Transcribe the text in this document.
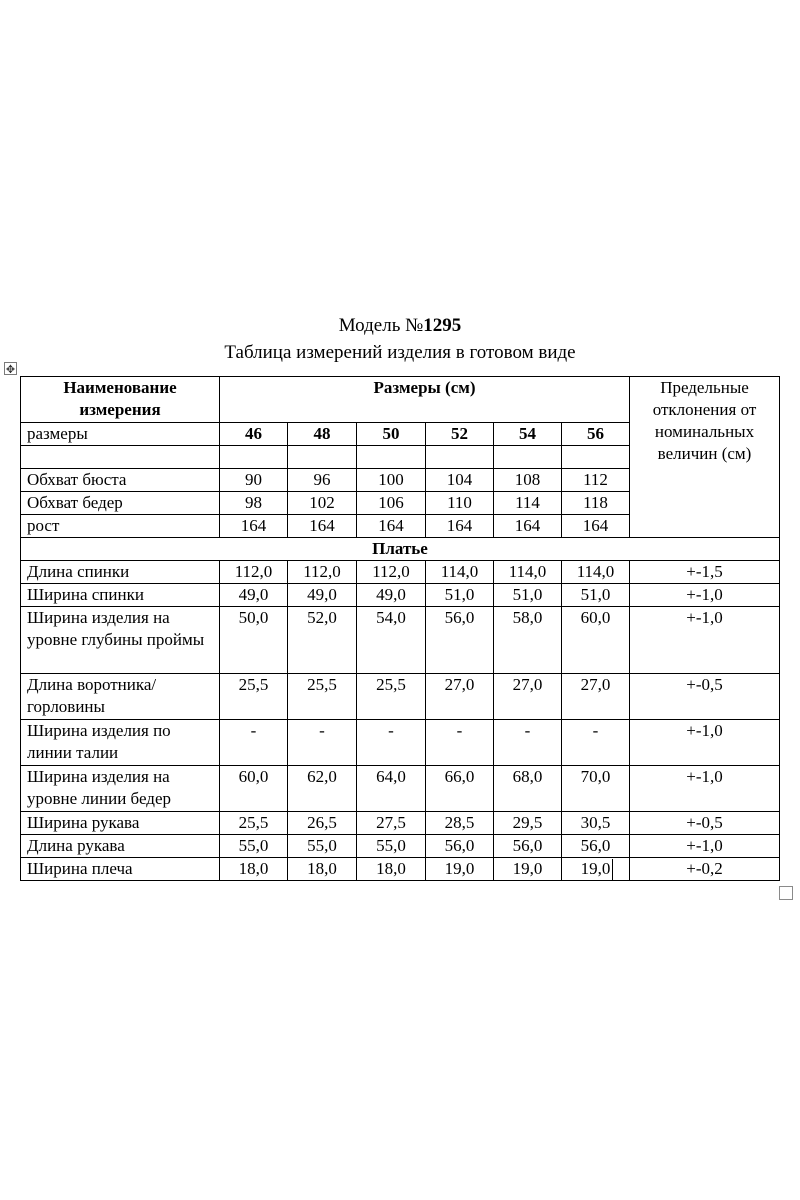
Модель №1295
Таблица измерений изделия в готовом виде
✥
Наименование измерения	Размеры (см)						Предельные отклонения от номинальных величин (см)
размеры	46	48	50	52	54	56	

Обхват бюста	90	96	100	104	108	112	
Обхват бедер	98	102	106	110	114	118	
рост	164	164	164	164	164	164	
Платье							
Длина спинки	112,0	112,0	112,0	114,0	114,0	114,0	+-1,5
Ширина спинки	49,0	49,0	49,0	51,0	51,0	51,0	+-1,0
Ширина изделия на уровне глубины проймы	50,0	52,0	54,0	56,0	58,0	60,0	+-1,0
Длина воротника/горловины	25,5	25,5	25,5	27,0	27,0	27,0	+-0,5
Ширина изделия по линии талии	-	-	-	-	-	-	+-1,0
Ширина изделия на уровне линии бедер	60,0	62,0	64,0	66,0	68,0	70,0	+-1,0
Ширина рукава	25,5	26,5	27,5	28,5	29,5	30,5	+-0,5
Длина рукава	55,0	55,0	55,0	56,0	56,0	56,0	+-1,0
Ширина плеча	18,0	18,0	18,0	19,0	19,0	19,0	+-0,2
